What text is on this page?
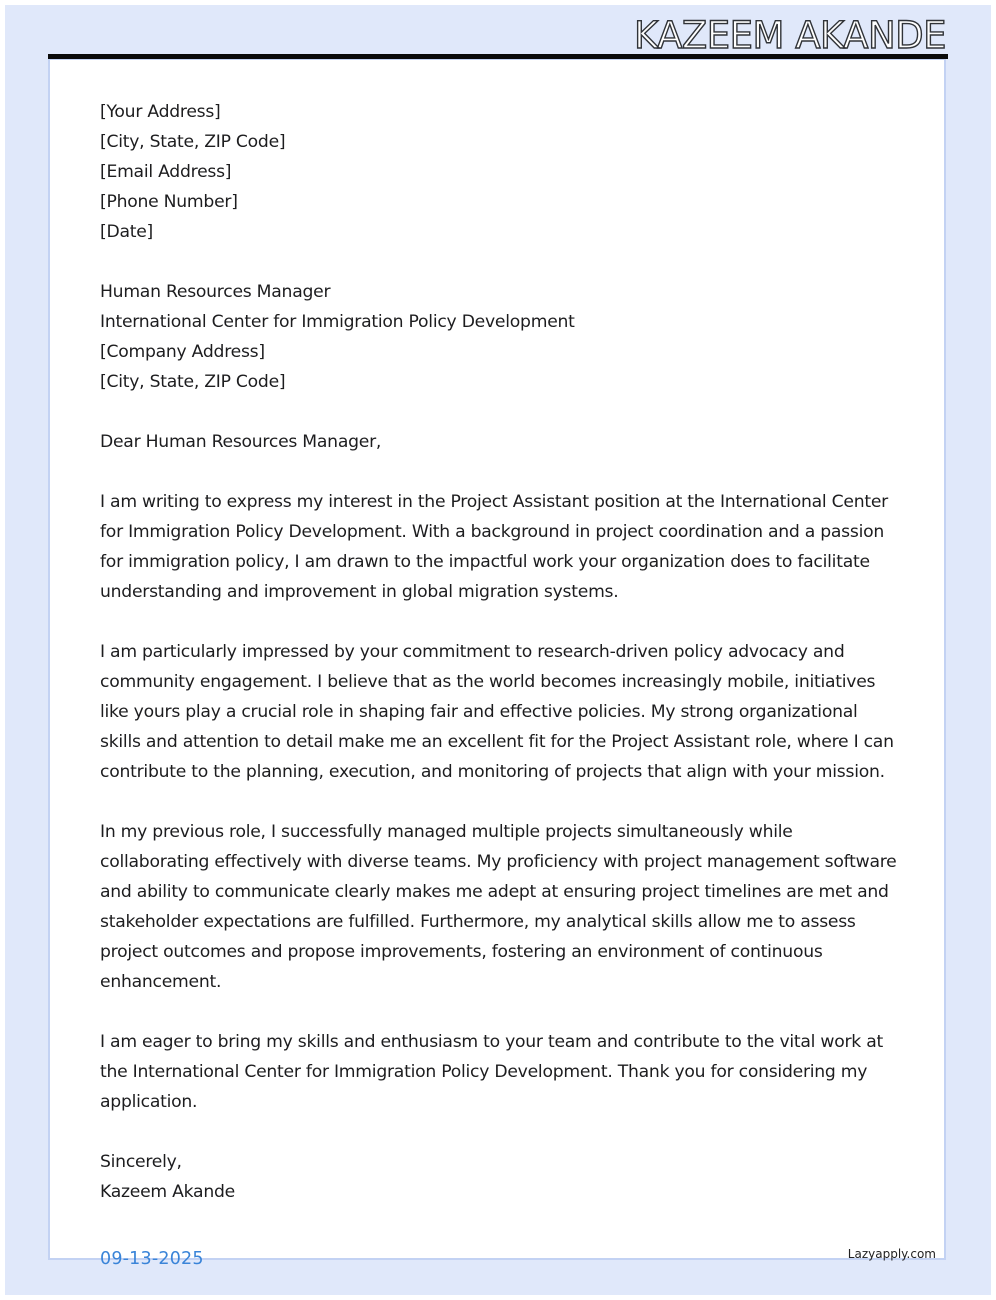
KAZEEM AKANDE
[Your Address]
[City, State, ZIP Code]
[Email Address]
[Phone Number]
[Date]
Human Resources Manager
International Center for Immigration Policy Development
[Company Address]
[City, State, ZIP Code]
Dear Human Resources Manager,

I am writing to express my interest in the Project Assistant position at the International Center for Immigration Policy Development. With a background in project coordination and a passion for immigration policy, I am drawn to the impactful work your organization does to facilitate understanding and improvement in global migration systems.

I am particularly impressed by your commitment to research-driven policy advocacy and community engagement. I believe that as the world becomes increasingly mobile, initiatives like yours play a crucial role in shaping fair and effective policies. My strong organizational skills and attention to detail make me an excellent fit for the Project Assistant role, where I can contribute to the planning, execution, and monitoring of projects that align with your mission.

In my previous role, I successfully managed multiple projects simultaneously while collaborating effectively with diverse teams. My proficiency with project management software and ability to communicate clearly makes me adept at ensuring project timelines are met and stakeholder expectations are fulfilled. Furthermore, my analytical skills allow me to assess project outcomes and propose improvements, fostering an environment of continuous enhancement.

I am eager to bring my skills and enthusiasm to your team and contribute to the vital work at the International Center for Immigration Policy Development. Thank you for considering my application.

Sincerely,
Kazeem Akande
09-13-2025	Lazyapply.com
